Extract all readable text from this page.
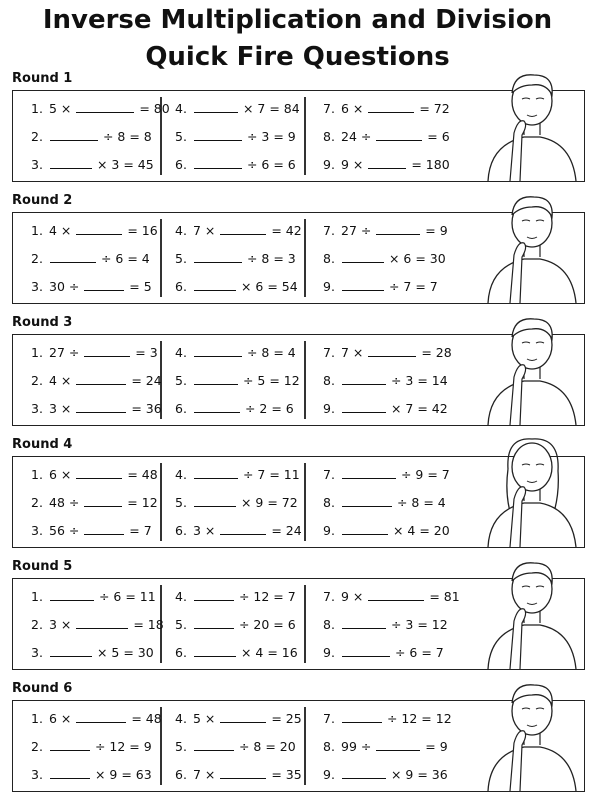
Inverse Multiplication and Division
Quick Fire Questions
Round 1
1. 5 ×	= 80
2.	÷ 8 = 8
3.	× 3 = 45
4.	× 7 = 84
5.	÷ 3 = 9
6.	÷ 6 = 6
7. 6 ×	= 72
8. 24 ÷	= 6
9. 9 ×	= 180
Round 2
1. 4 ×	= 16
2.	÷ 6 = 4
3. 30 ÷	= 5
4. 7 ×	= 42
5.	÷ 8 = 3
6.	× 6 = 54
7. 27 ÷	= 9
8.	× 6 = 30
9.	÷ 7 = 7
Round 3
1. 27 ÷	= 3
2. 4 ×	= 24
3. 3 ×	= 36
4.	÷ 8 = 4
5.	÷ 5 = 12
6.	÷ 2 = 6
7. 7 ×	= 28
8.	÷ 3 = 14
9.	× 7 = 42
Round 4
1. 6 ×	= 48
2. 48 ÷	= 12
3. 56 ÷	= 7
4.	÷ 7 = 11
5.	× 9 = 72
6. 3 ×	= 24
7.	÷ 9 = 7
8.	÷ 8 = 4
9.	× 4 = 20
Round 5
1.	÷ 6 = 11
2. 3 ×	= 18
3.	× 5 = 30
4.	÷ 12 = 7
5.	÷ 20 = 6
6.	× 4 = 16
7. 9 ×	= 81
8.	÷ 3 = 12
9.	÷ 6 = 7
Round 6
1. 6 ×	= 48
2.	÷ 12 = 9
3.	× 9 = 63
4. 5 ×	= 25
5.	÷ 8 = 20
6. 7 ×	= 35
7.	÷ 12 = 12
8. 99 ÷	= 9
9.	× 9 = 36
